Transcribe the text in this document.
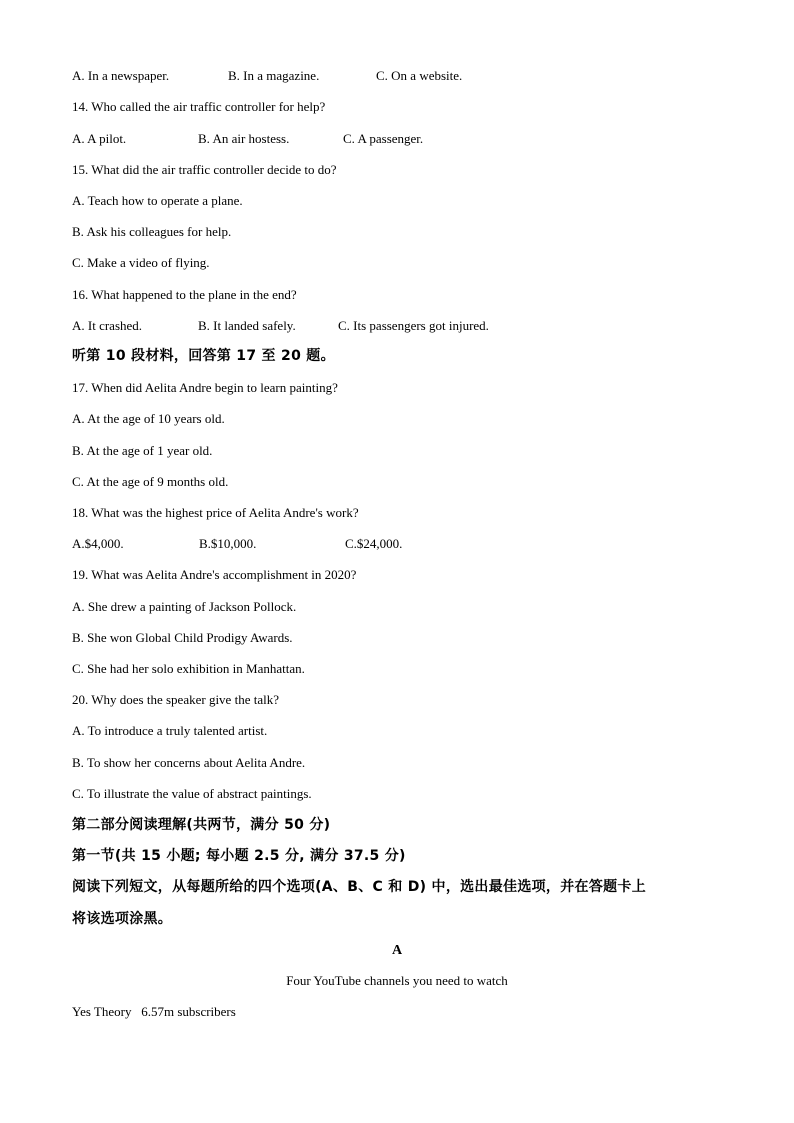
A. In a newspaper.	B. In a magazine.	C. On a website.
14. Who called the air traffic controller for help?
A. A pilot.	B. An air hostess.	C. A passenger.
15. What did the air traffic controller decide to do?
A. Teach how to operate a plane.
B. Ask his colleagues for help.
C. Make a video of flying.
16. What happened to the plane in the end?
A. It crashed.	B. It landed safely.	C. Its passengers got injured.
听第 10 段材料，回答第 17 至 20 题。
17. When did Aelita Andre begin to learn painting?
A. At the age of 10 years old.
B. At the age of 1 year old.
C. At the age of 9 months old.
18. What was the highest price of Aelita Andre's work?
A.$4,000.	B.$10,000.	C.$24,000.
19. What was Aelita Andre's accomplishment in 2020?
A. She drew a painting of Jackson Pollock.
B. She won Global Child Prodigy Awards.
C. She had her solo exhibition in Manhattan.
20. Why does the speaker give the talk?
A. To introduce a truly talented artist.
B. To show her concerns about Aelita Andre.
C. To illustrate the value of abstract paintings.
第二部分阅读理解(共两节，满分 50 分)
第一节(共 15 小题; 每小题 2.5 分, 满分 37.5 分)
阅读下列短文，从每题所给的四个选项(A、B、C 和 D) 中，选出最佳选项，并在答题卡上
将该选项涂黑。
A
Four YouTube channels you need to watch
Yes Theory   6.57m subscribers
